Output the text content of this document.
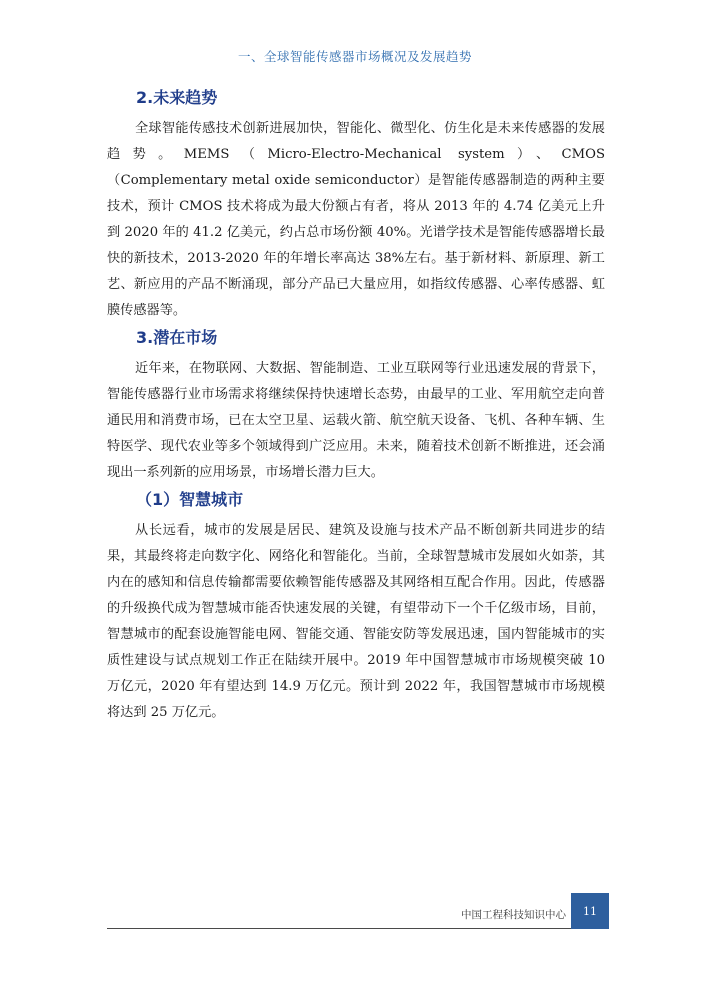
一、全球智能传感器市场概况及发展趋势
2.未来趋势

全球智能传感技术创新进展加快，智能化、微型化、仿生化是未来传感器的发展趋势。MEMS（Micro-Electro-Mechanical system）、CMOS（Complementary metal oxide semiconductor）是智能传感器制造的两种主要技术，预计 CMOS 技术将成为最大份额占有者，将从 2013 年的 4.74 亿美元上升到 2020 年的 41.2 亿美元，约占总市场份额 40%。光谱学技术是智能传感器增长最快的新技术，2013-2020 年的年增长率高达 38%左右。基于新材料、新原理、新工艺、新应用的产品不断涌现，部分产品已大量应用，如指纹传感器、心率传感器、虹膜传感器等。

3.潜在市场

近年来，在物联网、大数据、智能制造、工业互联网等行业迅速发展的背景下，智能传感器行业市场需求将继续保持快速增长态势，由最早的工业、军用航空走向普通民用和消费市场，已在太空卫星、运载火箭、航空航天设备、飞机、各种车辆、生特医学、现代农业等多个领域得到广泛应用。未来，随着技术创新不断推进，还会涌现出一系列新的应用场景，市场增长潜力巨大。

（1）智慧城市

从长远看，城市的发展是居民、建筑及设施与技术产品不断创新共同进步的结果，其最终将走向数字化、网络化和智能化。当前，全球智慧城市发展如火如荼，其内在的感知和信息传输都需要依赖智能传感器及其网络相互配合作用。因此，传感器的升级换代成为智慧城市能否快速发展的关键，有望带动下一个千亿级市场，目前，智慧城市的配套设施智能电网、智能交通、智能安防等发展迅速，国内智能城市的实质性建设与试点规划工作正在陆续开展中。2019 年中国智慧城市市场规模突破 10 万亿元，2020 年有望达到 14.9 万亿元。预计到 2022 年，我国智慧城市市场规模将达到 25 万亿元。

中国工程科技知识中心 11
